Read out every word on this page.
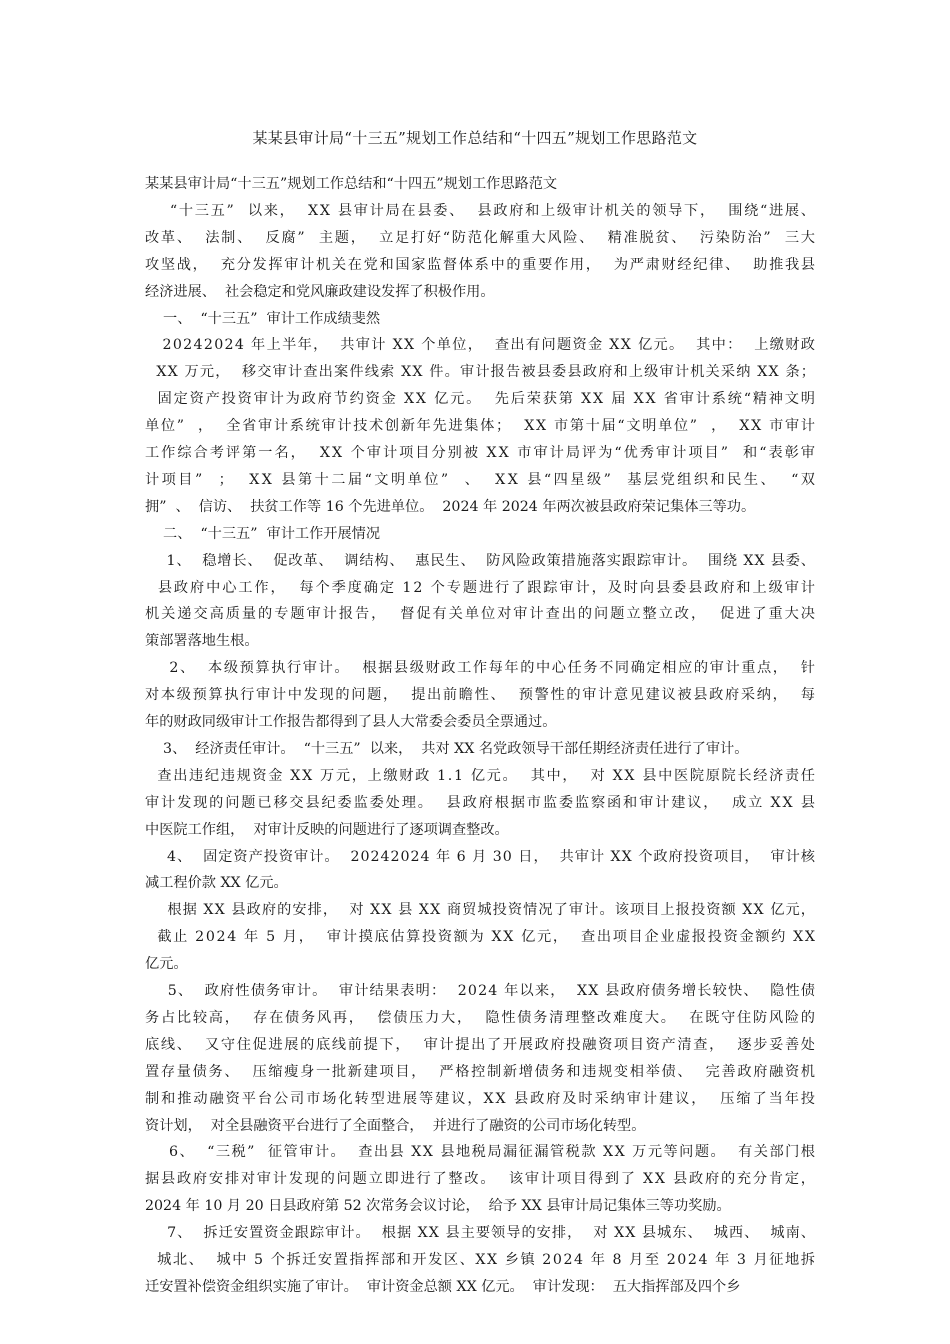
某某县审计局“十三五”规划工作总结和“十四五”规划工作思路范文
某某县审计局“十三五”规划工作总结和“十四五”规划工作思路范文
“十三五”  以来，  XX 县审计局在县委、  县政府和上级审计机关的领导下，  围绕“进展、
改革、  法制、  反腐”  主题，  立足打好“防范化解重大风险、  精准脱贫、  污染防治”  三大
攻坚战，  充分发挥审计机关在党和国家监督体系中的重要作用，  为严肃财经纪律、  助推我县
经济进展、  社会稳定和党风廉政建设发挥了积极作用。
一、  “十三五”  审计工作成绩斐然
20242024 年上半年，  共审计 XX 个单位，  查出有问题资金 XX 亿元。  其中：  上缴财政
XX 万元，  移交审计查出案件线索 XX 件。审计报告被县委县政府和上级审计机关采纳 XX 条；
固定资产投资审计为政府节约资金 XX 亿元。  先后荣获第 XX 届 XX 省审计系统“精神文明
单位”  ，  全省审计系统审计技术创新年先进集体；  XX 市第十届“文明单位”  ，  XX 市审计
工作综合考评第一名，  XX 个审计项目分别被 XX 市审计局评为“优秀审计项目”  和“表彰审
计项目”  ；  XX 县第十二届“文明单位”  、  XX 县“四星级”  基层党组织和民生、  “双
拥”  、  信访、  扶贫工作等 16 个先进单位。  2024 年 2024 年两次被县政府荣记集体三等功。
二、  “十三五”  审计工作开展情况
1、  稳增长、  促改革、  调结构、  惠民生、  防风险政策措施落实跟踪审计。  围绕 XX 县委、
县政府中心工作，  每个季度确定 12 个专题进行了跟踪审计，及时向县委县政府和上级审计
机关递交高质量的专题审计报告，  督促有关单位对审计查出的问题立整立改，  促进了重大决
策部署落地生根。
2、  本级预算执行审计。  根据县级财政工作每年的中心任务不同确定相应的审计重点，  针
对本级预算执行审计中发现的问题，  提出前瞻性、  预警性的审计意见建议被县政府采纳，  每
年的财政同级审计工作报告都得到了县人大常委会委员全票通过。
3、  经济责任审计。  “十三五”  以来，  共对 XX 名党政领导干部任期经济责任进行了审计。
查出违纪违规资金 XX 万元，上缴财政 1.1 亿元。  其中，  对 XX 县中医院原院长经济责任
审计发现的问题已移交县纪委监委处理。  县政府根据市监委监察函和审计建议，  成立 XX 县
中医院工作组，  对审计反映的问题进行了逐项调查整改。
4、  固定资产投资审计。  20242024 年 6 月 30 日，  共审计 XX 个政府投资项目，  审计核
减工程价款 XX 亿元。
根据 XX 县政府的安排，  对 XX 县 XX 商贸城投资情况了审计。该项目上报投资额 XX 亿元，
截止 2024 年 5 月，  审计摸底估算投资额为 XX 亿元，  查出项目企业虚报投资金额约 XX
亿元。
5、  政府性债务审计。  审计结果表明：  2024 年以来，  XX 县政府债务增长较快、  隐性债
务占比较高，  存在债务风再，  偿债压力大，  隐性债务清理整改难度大。  在既守住防风险的
底线、  又守住促进展的底线前提下，  审计提出了开展政府投融资项目资产清查，  逐步妥善处
置存量债务、  压缩瘦身一批新建项目，  严格控制新增债务和违规变相举债、  完善政府融资机
制和推动融资平台公司市场化转型进展等建议，XX 县政府及时采纳审计建议，  压缩了当年投
资计划，  对全县融资平台进行了全面整合，  并进行了融资的公司市场化转型。
6、  “三税”  征管审计。  查出县 XX 县地税局漏征漏管税款 XX 万元等问题。  有关部门根
据县政府安排对审计发现的问题立即进行了整改。  该审计项目得到了 XX 县政府的充分肯定，
2024 年 10 月 20 日县政府第 52 次常务会议讨论，  给予 XX 县审计局记集体三等功奖励。
7、  拆迁安置资金跟踪审计。  根据 XX 县主要领导的安排，  对 XX 县城东、  城西、  城南、
城北、  城中 5 个拆迁安置指挥部和开发区、XX 乡镇 2024 年 8 月至 2024 年 3 月征地拆
迁安置补偿资金组织实施了审计。  审计资金总额 XX 亿元。  审计发现：  五大指挥部及四个乡
